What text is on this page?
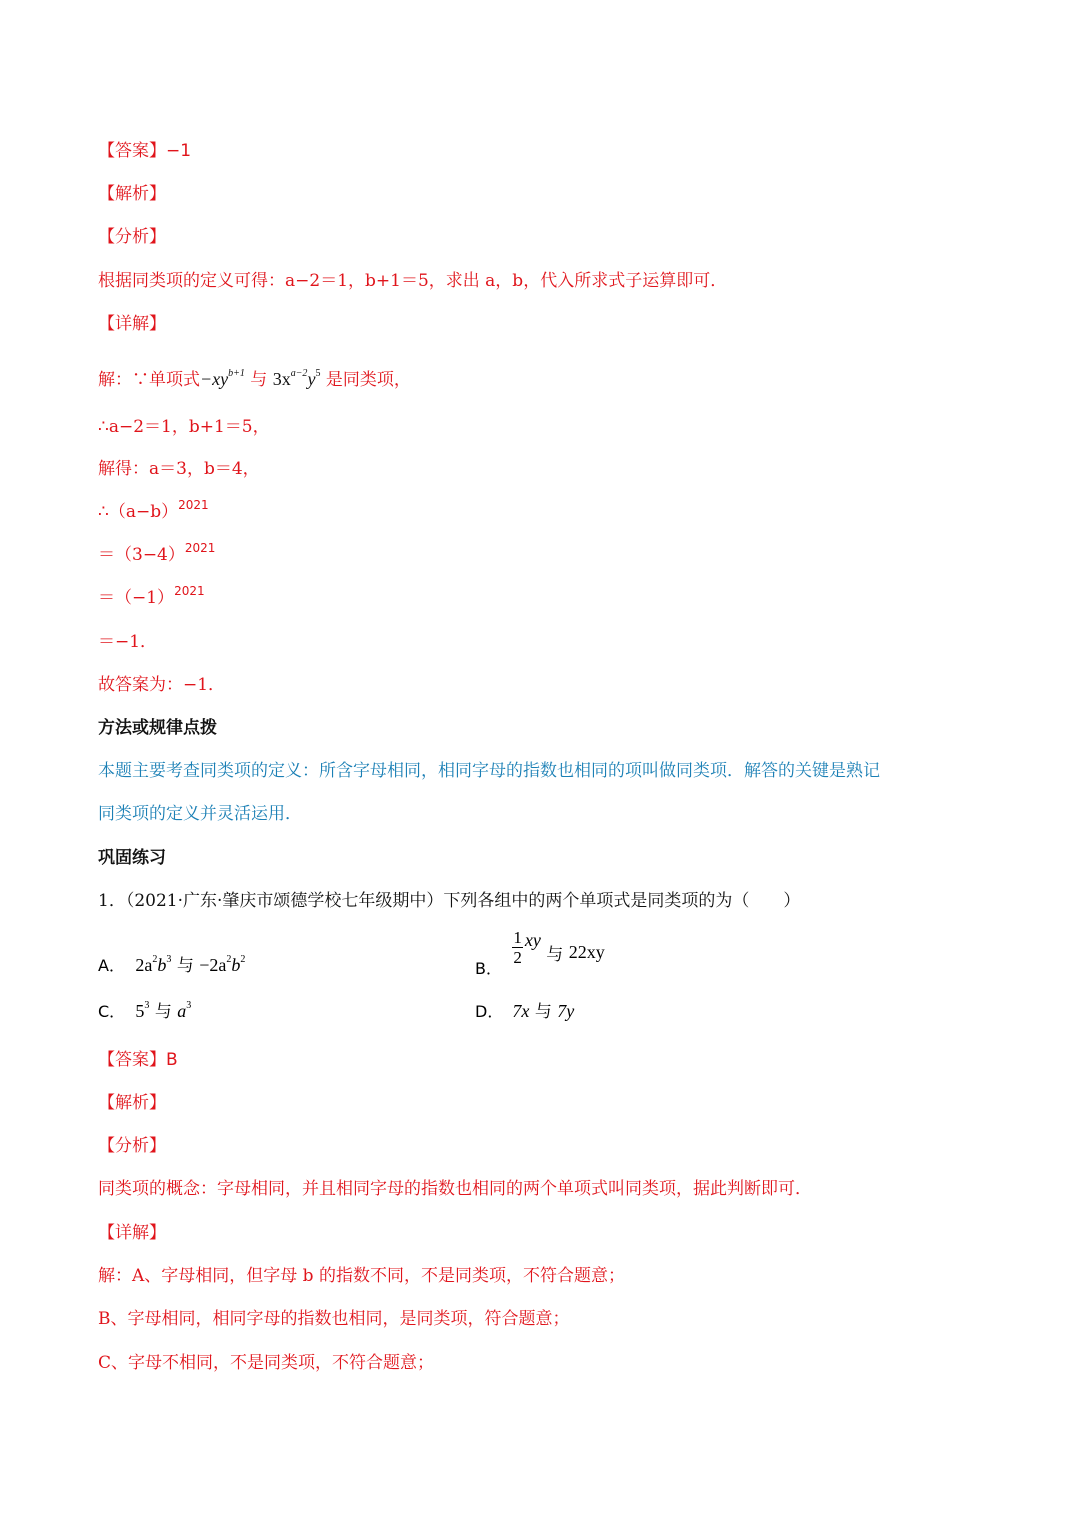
【答案】−1
【解析】
【分析】
根据同类项的定义可得：a−2＝1，b+1＝5，求出 a，b，代入所求式子运算即可．
【详解】
解：∵单项式$-xy^{b+1}$ 与 $3x^{a-2}y^5$ 是同类项，
∴a−2＝1，b+1＝5，
解得：a＝3，b＝4，
$\therefore(a-b)^{2021}$
$=(3-4)^{2021}$
$=(-1)^{2021}$
＝−1．
故答案为：−1．
方法或规律点拨
本题主要考查同类项的定义：所含字母相同，相同字母的指数也相同的项叫做同类项．解答的关键是熟记
同类项的定义并灵活运用．
巩固练习
1．（2021·广东·肇庆市颂德学校七年级期中）下列各组中的两个单项式是同类项的为（　　）
A． $2a^2b^3$ 与 $-2a^2b^2$	B．
$\frac{1}{2}$ xy 与 22xy
C． $5^3$ 与 $a^3$	D． 7x 与 7y
【答案】B
【解析】
【分析】
同类项的概念：字母相同，并且相同字母的指数也相同的两个单项式叫同类项，据此判断即可．
【详解】
解：A、字母相同，但字母 b 的指数不同，不是同类项，不符合题意；
B、字母相同，相同字母的指数也相同，是同类项，符合题意；
C、字母不相同，不是同类项，不符合题意；
